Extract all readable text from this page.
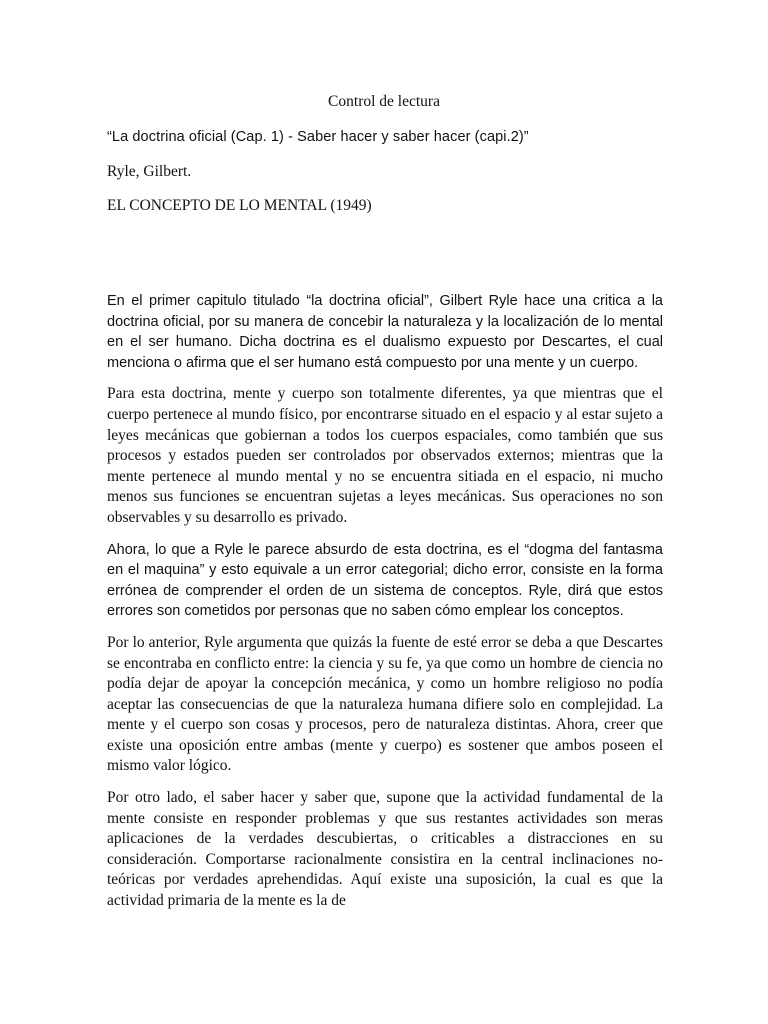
Control de lectura

“La doctrina oficial (Cap. 1) - Saber hacer y saber hacer (capi.2)”

Ryle, Gilbert.

EL CONCEPTO DE LO MENTAL (1949)

En el primer capitulo titulado “la doctrina oficial”, Gilbert Ryle hace una critica a la doctrina oficial, por su manera de concebir la naturaleza y la localización de lo mental en el ser humano. Dicha doctrina es el dualismo expuesto por Descartes, el cual menciona o afirma que el ser humano está compuesto por una mente y un cuerpo.

Para esta doctrina, mente y cuerpo son totalmente diferentes, ya que mientras que el cuerpo pertenece al mundo físico, por encontrarse situado en el espacio y al estar sujeto a leyes mecánicas que gobiernan a todos los cuerpos espaciales, como también que sus procesos y estados pueden ser controlados por observados externos; mientras que la mente pertenece al mundo mental y no se encuentra sitiada en el espacio, ni mucho menos sus funciones se encuentran sujetas a leyes mecánicas. Sus operaciones no son observables y su desarrollo es privado.

Ahora, lo que a Ryle le parece absurdo de esta doctrina, es el “dogma del fantasma en el maquina” y esto equivale a un error categorial; dicho error, consiste en la forma errónea de comprender el orden de un sistema de conceptos. Ryle, dirá que estos errores son cometidos por personas que no saben cómo emplear los conceptos.

Por lo anterior, Ryle argumenta que quizás la fuente de esté error se deba a que Descartes se encontraba en conflicto entre: la ciencia y su fe, ya que como un hombre de ciencia no podía dejar de apoyar la concepción mecánica, y como un hombre religioso no podía aceptar las consecuencias de que la naturaleza humana difiere solo en complejidad. La mente y el cuerpo son cosas y procesos, pero de naturaleza distintas. Ahora, creer que existe una oposición entre ambas (mente y cuerpo) es sostener que ambos poseen el mismo valor lógico.

Por otro lado, el saber hacer y saber que, supone que la actividad fundamental de la mente consiste en responder problemas y que sus restantes actividades son meras aplicaciones de la verdades descubiertas, o criticables a distracciones en su consideración. Comportarse racionalmente consistira en la central inclinaciones no- teóricas por verdades aprehendidas. Aquí existe una suposición, la cual es que la actividad primaria de la mente es la de
